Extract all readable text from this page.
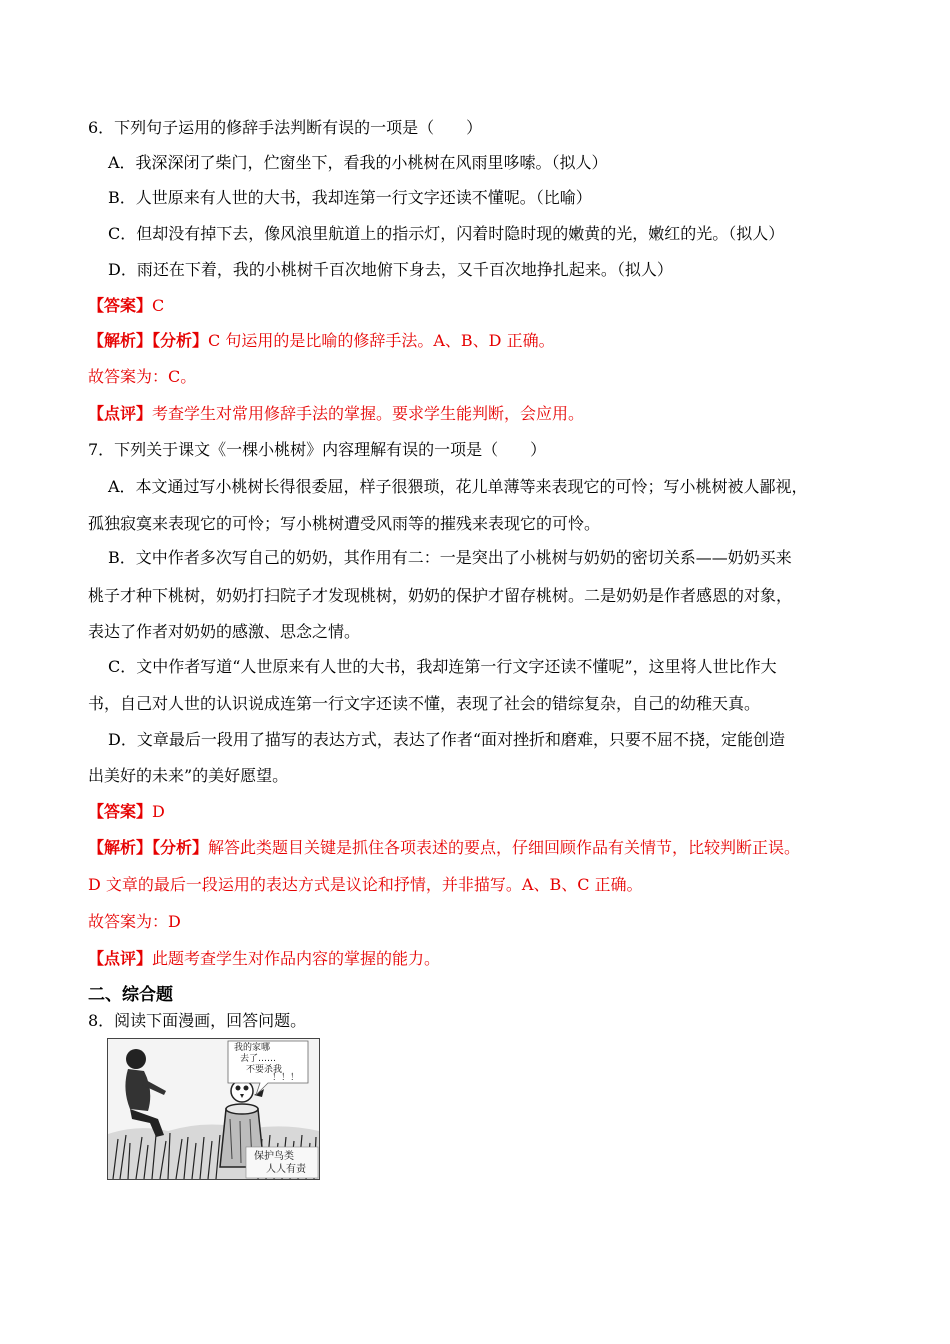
6．下列句子运用的修辞手法判断有误的一项是（　　）
A．我深深闭了柴门，伫窗坐下，看我的小桃树在风雨里哆嗦。（拟人）
B．人世原来有人世的大书，我却连第一行文字还读不懂呢。（比喻）
C．但却没有掉下去，像风浪里航道上的指示灯，闪着时隐时现的嫩黄的光，嫩红的光。（拟人）
D．雨还在下着，我的小桃树千百次地俯下身去，又千百次地挣扎起来。（拟人）
【答案】C
【解析】【分析】C 句运用的是比喻的修辞手法。A、B、D 正确。
故答案为：C。
【点评】考查学生对常用修辞手法的掌握。要求学生能判断，会应用。
7．下列关于课文《一棵小桃树》内容理解有误的一项是（　　）
A．本文通过写小桃树长得很委屈，样子很猥琐，花儿单薄等来表现它的可怜；写小桃树被人鄙视，
孤独寂寞来表现它的可怜；写小桃树遭受风雨等的摧残来表现它的可怜。
B．文中作者多次写自己的奶奶，其作用有二：一是突出了小桃树与奶奶的密切关系——奶奶买来
桃子才种下桃树，奶奶打扫院子才发现桃树，奶奶的保护才留存桃树。二是奶奶是作者感恩的对象，
表达了作者对奶奶的感激、思念之情。
C．文中作者写道“人世原来有人世的大书，我却连第一行文字还读不懂呢”，这里将人世比作大
书，自己对人世的认识说成连第一行文字还读不懂，表现了社会的错综复杂，自己的幼稚天真。
D．文章最后一段用了描写的表达方式，表达了作者“面对挫折和磨难，只要不屈不挠，定能创造
出美好的未来”的美好愿望。
【答案】D
【解析】【分析】解答此类题目关键是抓住各项表述的要点，仔细回顾作品有关情节，比较判断正误。
D 文章的最后一段运用的表达方式是议论和抒情，并非描写。A、B、C 正确。
故答案为：D
【点评】此题考查学生对作品内容的掌握的能力。
二、综合题
8．阅读下面漫画，回答问题。
我的家哪
去了……
不要杀我
！！！
保护鸟类
人人有责
